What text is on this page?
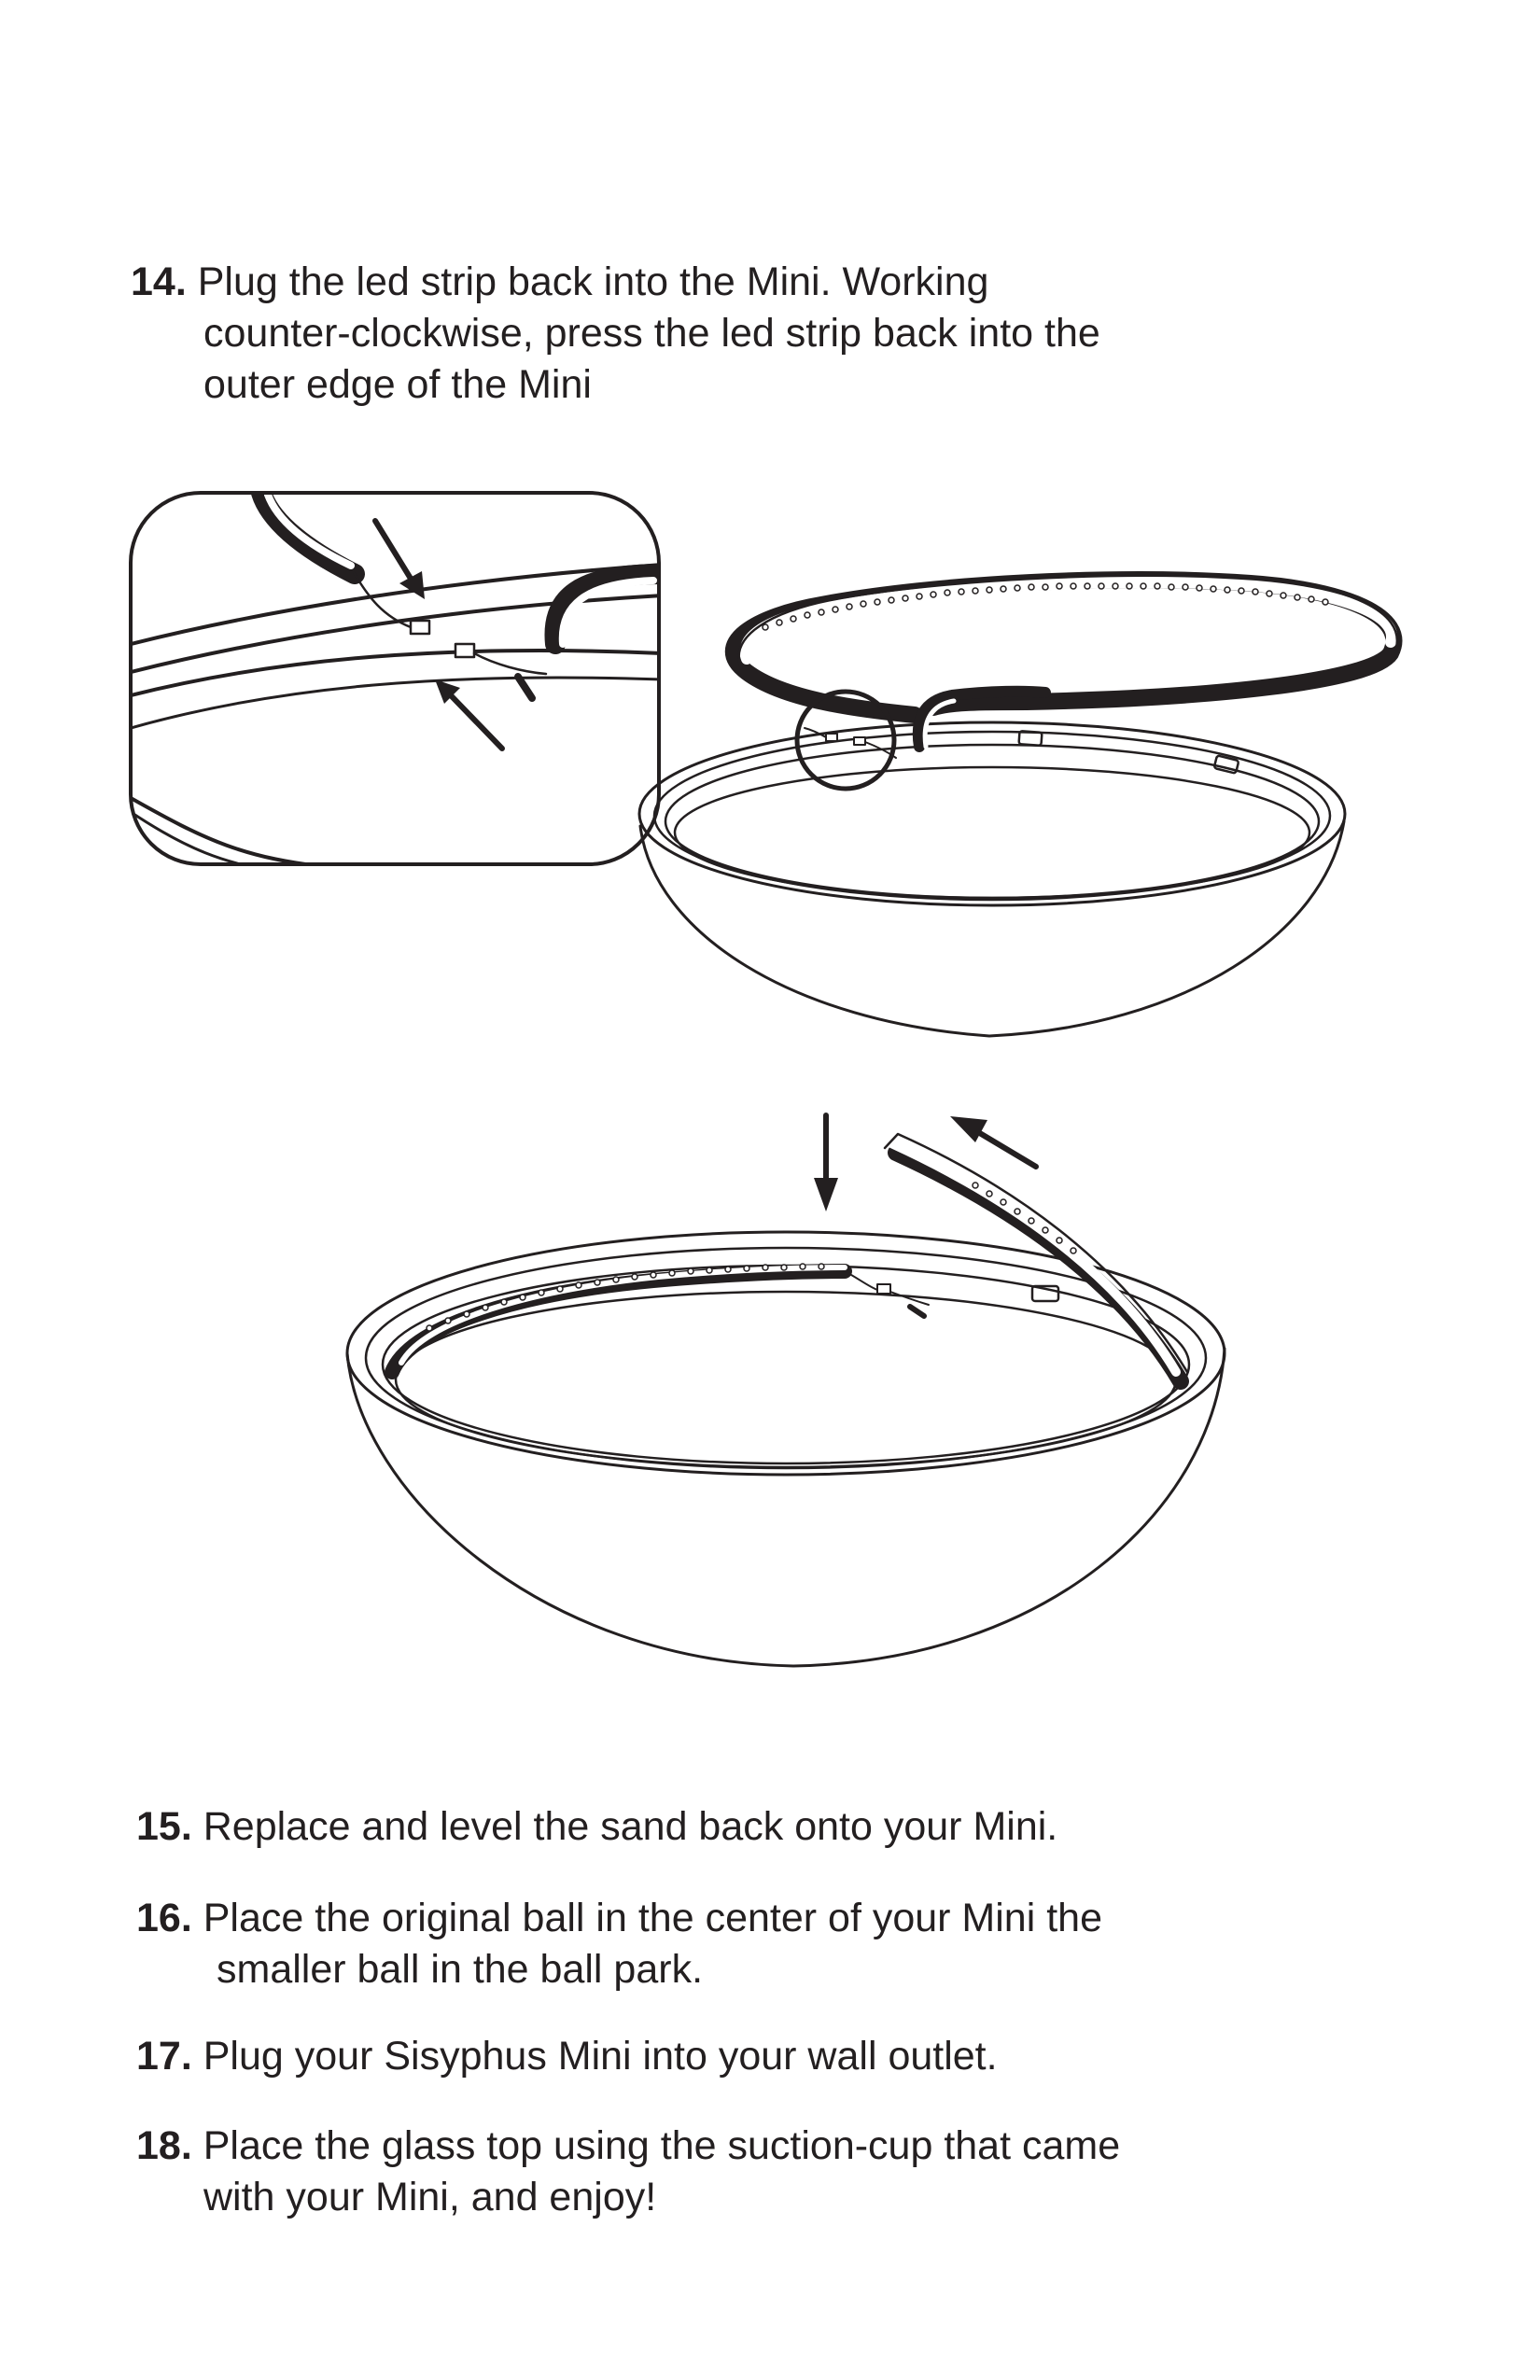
14. Plug the led strip back into the Mini. Working
counter-clockwise, press the led strip back into the
outer edge of the Mini
15. Replace and level the sand back onto your Mini.
16. Place the original ball in the center of your Mini the
smaller ball in the ball park.
17. Plug your Sisyphus Mini into your wall outlet.
18. Place the glass top using the suction-cup that came
with your Mini, and enjoy!
